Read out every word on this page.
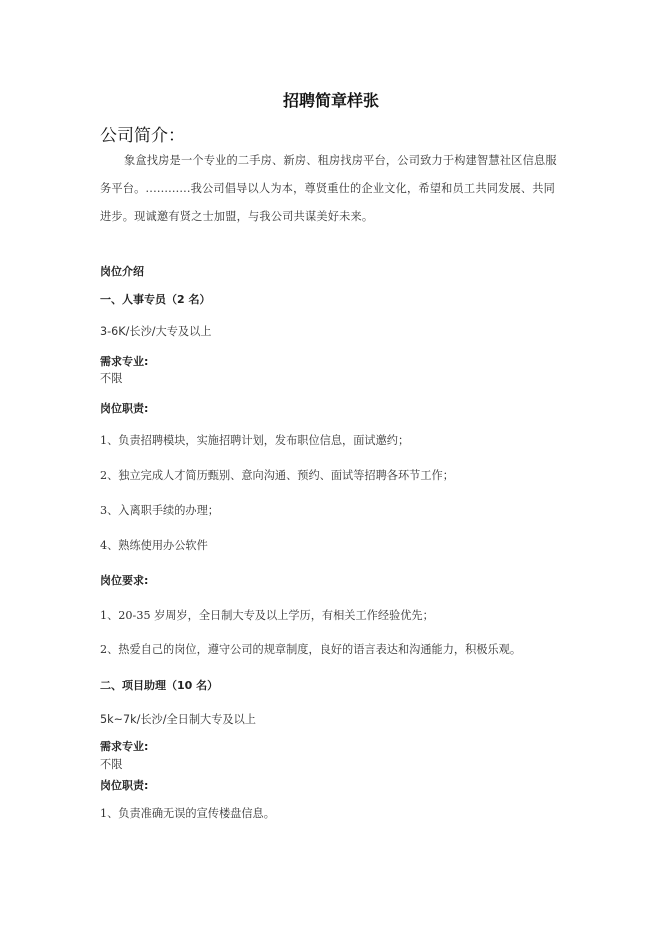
招聘简章样张
公司简介：
象盒找房是一个专业的二手房、新房、租房找房平台，公司致力于构建智慧社区信息服务平台。............我公司倡导以人为本，尊贤重仕的企业文化，希望和员工共同发展、共同进步。现诚邀有贤之士加盟，与我公司共谋美好未来。
岗位介绍
一、人事专员（2 名）
3-6K/长沙/大专及以上
需求专业:
不限
岗位职责:
1、负责招聘模块，实施招聘计划，发布职位信息，面试邀约；
2、独立完成人才简历甄别、意向沟通、预约、面试等招聘各环节工作；
3、入离职手续的办理；
4、熟练使用办公软件
岗位要求:
1、20-35 岁周岁，全日制大专及以上学历，有相关工作经验优先；
2、热爱自己的岗位，遵守公司的规章制度，良好的语言表达和沟通能力，积极乐观。
二、项目助理（10 名）
5k~7k/长沙/全日制大专及以上
需求专业:
不限
岗位职责:
1、负责准确无误的宣传楼盘信息。
